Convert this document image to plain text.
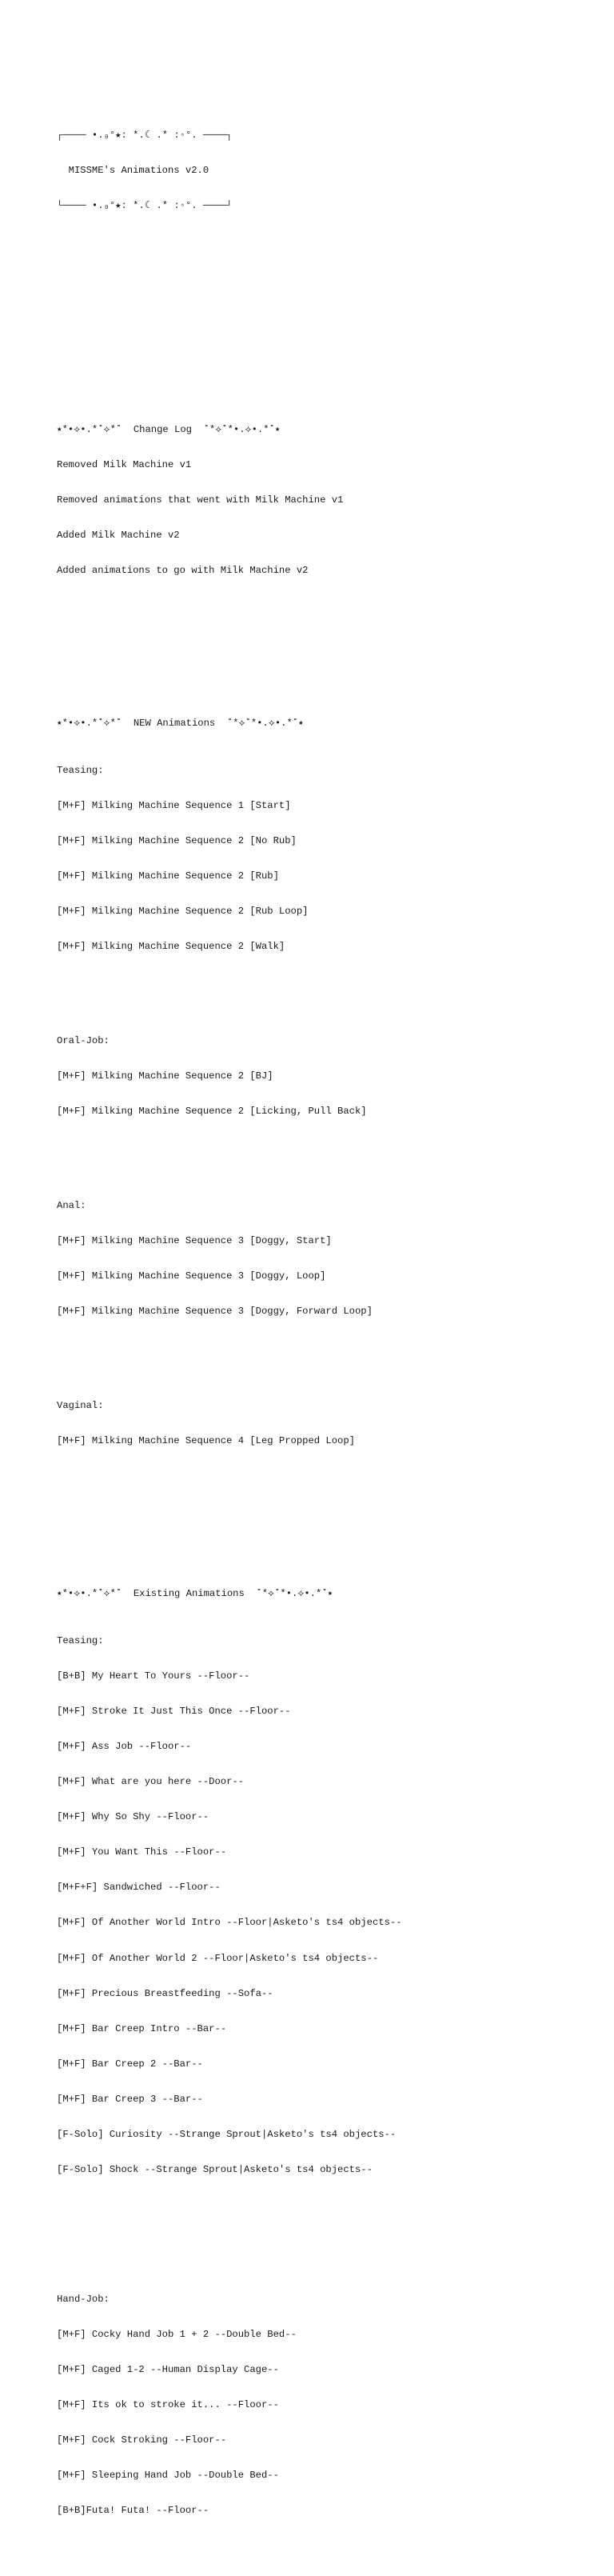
┌──── •.₀°★: *.☾ .* :◦°. ────┐

MISSME's Animations v2.0

└──── •.₀°★: *.☾ .* :◦°. ────┘

⭑*•⟡•.*˚⟡*˚  Change Log  ˚*⟡˚*•.⟡•.*˚⭑

Removed Milk Machine v1

Removed animations that went with Milk Machine v1

Added Milk Machine v2

Added animations to go with Milk Machine v2

⭑*•⟡•.*˚⟡*˚  NEW Animations  ˚*⟡˚*•.⟡•.*˚⭑

Teasing:

[M+F] Milking Machine Sequence 1 [Start]

[M+F] Milking Machine Sequence 2 [No Rub]

[M+F] Milking Machine Sequence 2 [Rub]

[M+F] Milking Machine Sequence 2 [Rub Loop]

[M+F] Milking Machine Sequence 2 [Walk]

Oral-Job:

[M+F] Milking Machine Sequence 2 [BJ]

[M+F] Milking Machine Sequence 2 [Licking, Pull Back]

Anal:

[M+F] Milking Machine Sequence 3 [Doggy, Start]

[M+F] Milking Machine Sequence 3 [Doggy, Loop]

[M+F] Milking Machine Sequence 3 [Doggy, Forward Loop]

Vaginal:

[M+F] Milking Machine Sequence 4 [Leg Propped Loop]

⭑*•⟡•.*˚⟡*˚  Existing Animations  ˚*⟡˚*•.⟡•.*˚⭑

Teasing:

[B+B] My Heart To Yours --Floor--

[M+F] Stroke It Just This Once --Floor--

[M+F] Ass Job --Floor--

[M+F] What are you here --Door--

[M+F] Why So Shy --Floor--

[M+F] You Want This --Floor--

[M+F+F] Sandwiched --Floor--

[M+F] Of Another World Intro --Floor|Asketo's ts4 objects--

[M+F] Of Another World 2 --Floor|Asketo's ts4 objects--

[M+F] Precious Breastfeeding --Sofa--

[M+F] Bar Creep Intro --Bar--

[M+F] Bar Creep 2 --Bar--

[M+F] Bar Creep 3 --Bar--

[F-Solo] Curiosity --Strange Sprout|Asketo's ts4 objects--

[F-Solo] Shock --Strange Sprout|Asketo's ts4 objects--

Hand-Job:

[M+F] Cocky Hand Job 1 + 2 --Double Bed--

[M+F] Caged 1-2 --Human Display Cage--

[M+F] Its ok to stroke it... --Floor--

[M+F] Cock Stroking --Floor--

[M+F] Sleeping Hand Job --Double Bed--

[B+B]Futa! Futa! --Floor--
